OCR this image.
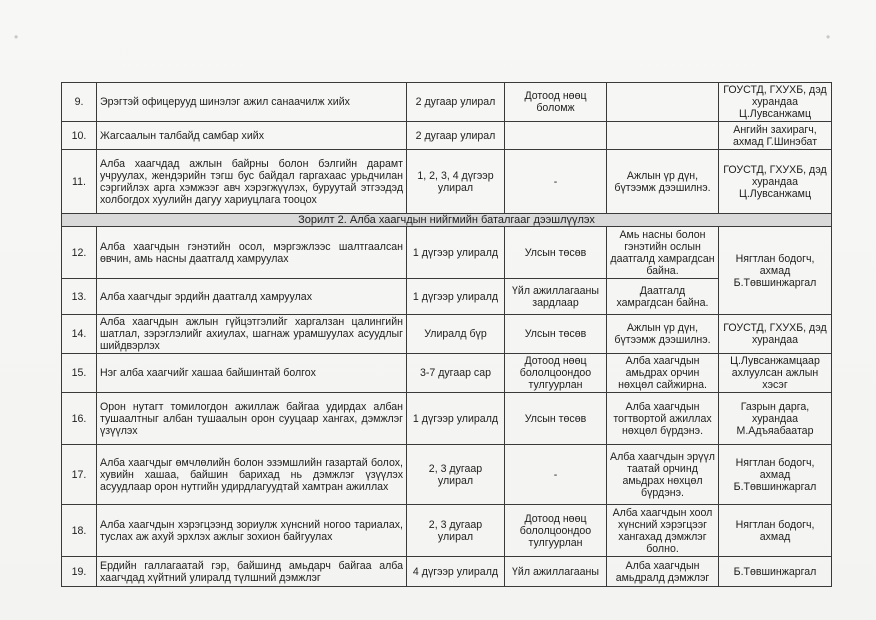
•	•
9.	Эрэгтэй офицерууд шинэлэг ажил санаачилж хийх	2 дугаар улирал	Дотоод нөөц боломж		ГОУСТД, ГХУХБ, дэд хурандаа Ц.Лувсанжамц
10.	Жагсаалын талбайд самбар хийх	2 дугаар улирал			Ангийн захирагч, ахмад Г.Шинэбат
11.	Алба хаагчдад ажлын байрны болон бэлгийн дарамт учруулах, жендэрийн тэгш бус байдал гаргахаас урьдчилан сэргийлэх арга хэмжээг авч хэрэгжүүлэх, буруутай этгээдэд холбогдох хуулийн дагуу хариуцлага тооцох	1, 2, 3, 4 дүгээр улирал	-	Ажлын үр дүн, бүтээмж дээшилнэ.	ГОУСТД, ГХУХБ, дэд хурандаа Ц.Лувсанжамц
Зорилт 2. Алба хаагчдын нийгмийн баталгааг дээшлүүлэх					
12.	Алба хаагчдын гэнэтийн осол, мэргэжлээс шалтгаалсан өвчин, амь насны даатгалд хамруулах	1 дүгээр улиралд	Улсын төсөв	Амь насны болон гэнэтийн ослын даатгалд хамрагдсан байна.	Нягтлан бодогч, ахмад Б.Төвшинжаргал
13.	Алба хаагчдыг эрдийн даатгалд хамруулах	1 дүгээр улиралд	Үйл ажиллагааны зардлаар	Даатгалд хамрагдсан байна.	
14.	Алба хаагчдын ажлын гүйцэтгэлийг харгалзан цалингийн шатлал, зэрэглэлийг ахиулах, шагнаж урамшуулах асуудлыг шийдвэрлэх	Улиралд бүр	Улсын төсөв	Ажлын үр дүн, бүтээмж дээшилнэ.	ГОУСТД, ГХУХБ, дэд хурандаа
15.	Нэг алба хаагчийг хашаа байшинтай болгох	3-7 дугаар сар	Дотоод нөөц бололцоондоо тулгуурлан	Алба хаагчдын амьдрах орчин нөхцөл сайжирна.	Ц.Лувсанжамцаар ахлуулсан ажлын хэсэг
16.	Орон нутагт томилогдон ажиллаж байгаа удирдах албан тушаалтныг албан тушаалын орон сууцаар хангах, дэмжлэг үзүүлэх	1 дүгээр улиралд	Улсын төсөв	Алба хаагчдын тогтвортой ажиллах нөхцөл бүрдэнэ.	Газрын дарга, хурандаа М.Адъяабаатар
17.	Алба хаагчдыг өмчлөлийн болон эзэмшлийн газартай болох, хувийн хашаа, байшин барихад нь дэмжлэг үзүүлэх асуудлаар орон нутгийн удирдлагуудтай хамтран ажиллах	2, 3 дугаар улирал	-	Алба хаагчдын эрүүл таатай орчинд амьдрах нөхцөл бүрдэнэ.	Нягтлан бодогч, ахмад Б.Төвшинжаргал
18.	Алба хаагчдын хэрэгцээнд зориулж хүнсний ногоо тариалах, туслах аж ахуй эрхлэх ажлыг зохион байгуулах	2, 3 дугаар улирал	Дотоод нөөц бололцоондоо тулгуурлан	Алба хаагчдын хоол хүнсний хэрэгцээг хангахад дэмжлэг болно.	Нягтлан бодогч, ахмад
19.	Ердийн галлагаатай гэр, байшинд амьдарч байгаа алба хаагчдад хүйтний улиралд түлшний дэмжлэг	4 дүгээр улиралд	Үйл ажиллагааны	Алба хаагчдын амьдралд дэмжлэг	Б.Төвшинжаргал
